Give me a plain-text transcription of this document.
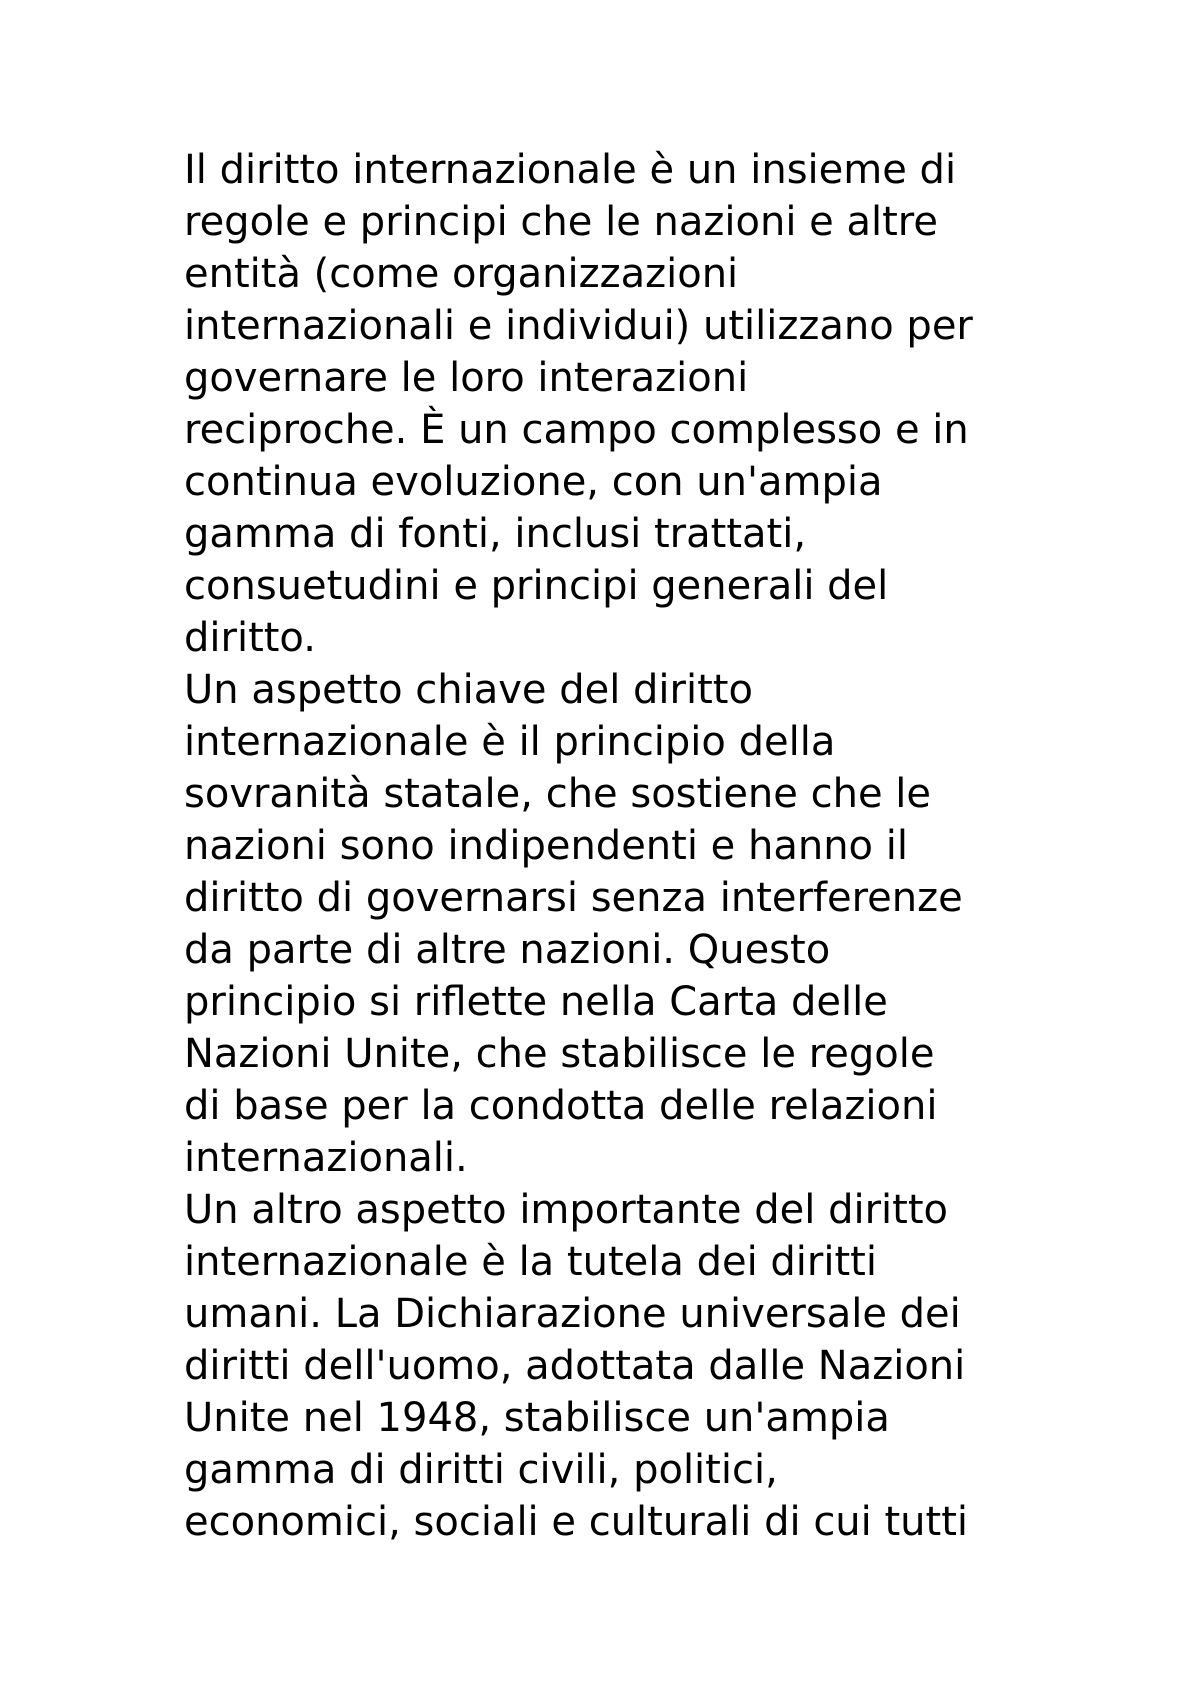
Il diritto internazionale è un insieme di
regole e principi che le nazioni e altre
entità (come organizzazioni
internazionali e individui) utilizzano per
governare le loro interazioni
reciproche. È un campo complesso e in
continua evoluzione, con un'ampia
gamma di fonti, inclusi trattati,
consuetudini e principi generali del
diritto.
Un aspetto chiave del diritto
internazionale è il principio della
sovranità statale, che sostiene che le
nazioni sono indipendenti e hanno il
diritto di governarsi senza interferenze
da parte di altre nazioni. Questo
principio si riflette nella Carta delle
Nazioni Unite, che stabilisce le regole
di base per la condotta delle relazioni
internazionali.
Un altro aspetto importante del diritto
internazionale è la tutela dei diritti
umani. La Dichiarazione universale dei
diritti dell'uomo, adottata dalle Nazioni
Unite nel 1948, stabilisce un'ampia
gamma di diritti civili, politici,
economici, sociali e culturali di cui tutti
